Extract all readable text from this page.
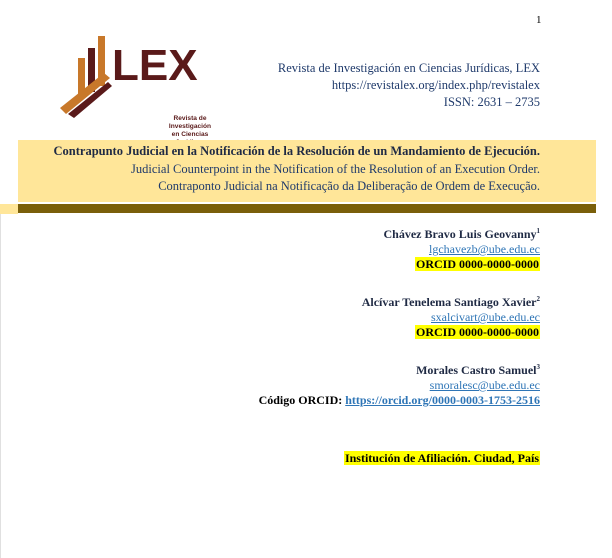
1
LEX
Revista de Investigación
en Ciencias
Revista de Investigación en Ciencias Jurídicas, LEX
https://revistalex.org/index.php/revistalex
ISSN: 2631 – 2735
Contrapunto Judicial en la Notificación de la Resolución de un Mandamiento de Ejecución.
Judicial Counterpoint in the Notification of the Resolution of an Execution Order.
Contraponto Judicial na Notificação da Deliberação de Ordem de Execução.
Chávez Bravo Luis Geovanny$^1$
lgchavezb@ube.edu.ec
ORCID 0000-0000-0000
Alcívar Tenelema Santiago Xavier$^2$
sxalcivart@ube.edu.ec
ORCID 0000-0000-0000
Morales Castro Samuel$^3$
smoralesc@ube.edu.ec
Código ORCID: https://orcid.org/0000-0003-1753-2516
Institución de Afiliación. Ciudad, País
